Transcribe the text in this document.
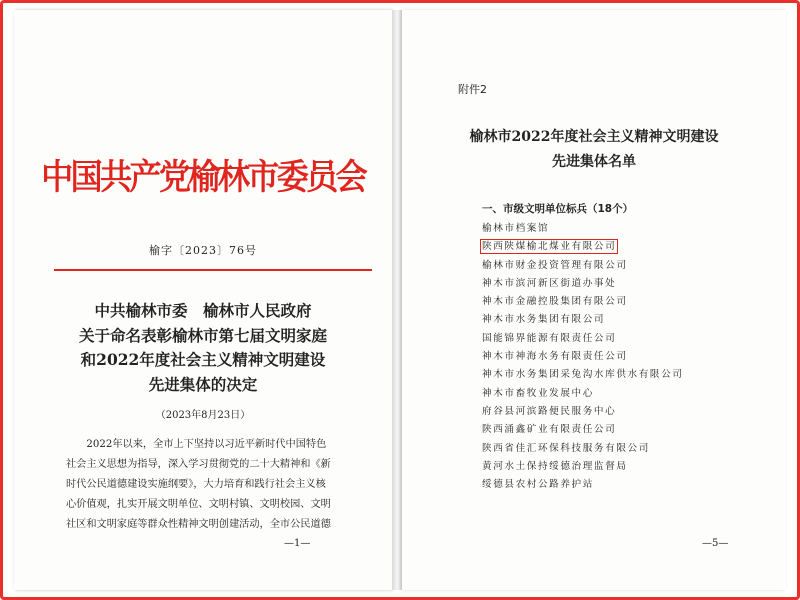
中国共产党榆林市委员会
榆字〔2023〕76号
中共榆林市委　榆林市人民政府
关于命名表彰榆林市第七届文明家庭
和2022年度社会主义精神文明建设
先进集体的决定
（2023年8月23日）
2022年以来，全市上下坚持以习近平新时代中国特色
社会主义思想为指导，深入学习贯彻党的二十大精神和《新
时代公民道德建设实施纲要》，大力培育和践行社会主义核
心价值观，扎实开展文明单位、文明村镇、文明校园、文明
社区和文明家庭等群众性精神文明创建活动，全市公民道德
—1—
附件2
榆林市2022年度社会主义精神文明建设
先进集体名单
一、市级文明单位标兵（18个）
榆林市档案馆
陕西陕煤榆北煤业有限公司
榆林市财金投资管理有限公司
神木市滨河新区街道办事处
神木市金融控股集团有限公司
神木市水务集团有限公司
国能锦界能源有限责任公司
神木市神海水务有限责任公司
神木市水务集团采兔沟水库供水有限公司
神木市畜牧业发展中心
府谷县河滨路便民服务中心
陕西涌鑫矿业有限责任公司
陕西省佳汇环保科技服务有限公司
黄河水土保持绥德治理监督局
绥德县农村公路养护站
—5—
